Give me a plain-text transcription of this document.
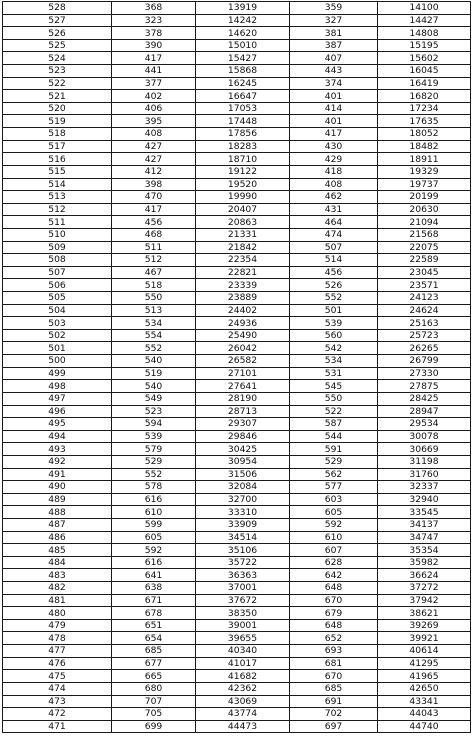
528	368	13919	359	14100
527	323	14242	327	14427
526	378	14620	381	14808
525	390	15010	387	15195
524	417	15427	407	15602
523	441	15868	443	16045
522	377	16245	374	16419
521	402	16647	401	16820
520	406	17053	414	17234
519	395	17448	401	17635
518	408	17856	417	18052
517	427	18283	430	18482
516	427	18710	429	18911
515	412	19122	418	19329
514	398	19520	408	19737
513	470	19990	462	20199
512	417	20407	431	20630
511	456	20863	464	21094
510	468	21331	474	21568
509	511	21842	507	22075
508	512	22354	514	22589
507	467	22821	456	23045
506	518	23339	526	23571
505	550	23889	552	24123
504	513	24402	501	24624
503	534	24936	539	25163
502	554	25490	560	25723
501	552	26042	542	26265
500	540	26582	534	26799
499	519	27101	531	27330
498	540	27641	545	27875
497	549	28190	550	28425
496	523	28713	522	28947
495	594	29307	587	29534
494	539	29846	544	30078
493	579	30425	591	30669
492	529	30954	529	31198
491	552	31506	562	31760
490	578	32084	577	32337
489	616	32700	603	32940
488	610	33310	605	33545
487	599	33909	592	34137
486	605	34514	610	34747
485	592	35106	607	35354
484	616	35722	628	35982
483	641	36363	642	36624
482	638	37001	648	37272
481	671	37672	670	37942
480	678	38350	679	38621
479	651	39001	648	39269
478	654	39655	652	39921
477	685	40340	693	40614
476	677	41017	681	41295
475	665	41682	670	41965
474	680	42362	685	42650
473	707	43069	691	43341
472	705	43774	702	44043
471	699	44473	697	44740
